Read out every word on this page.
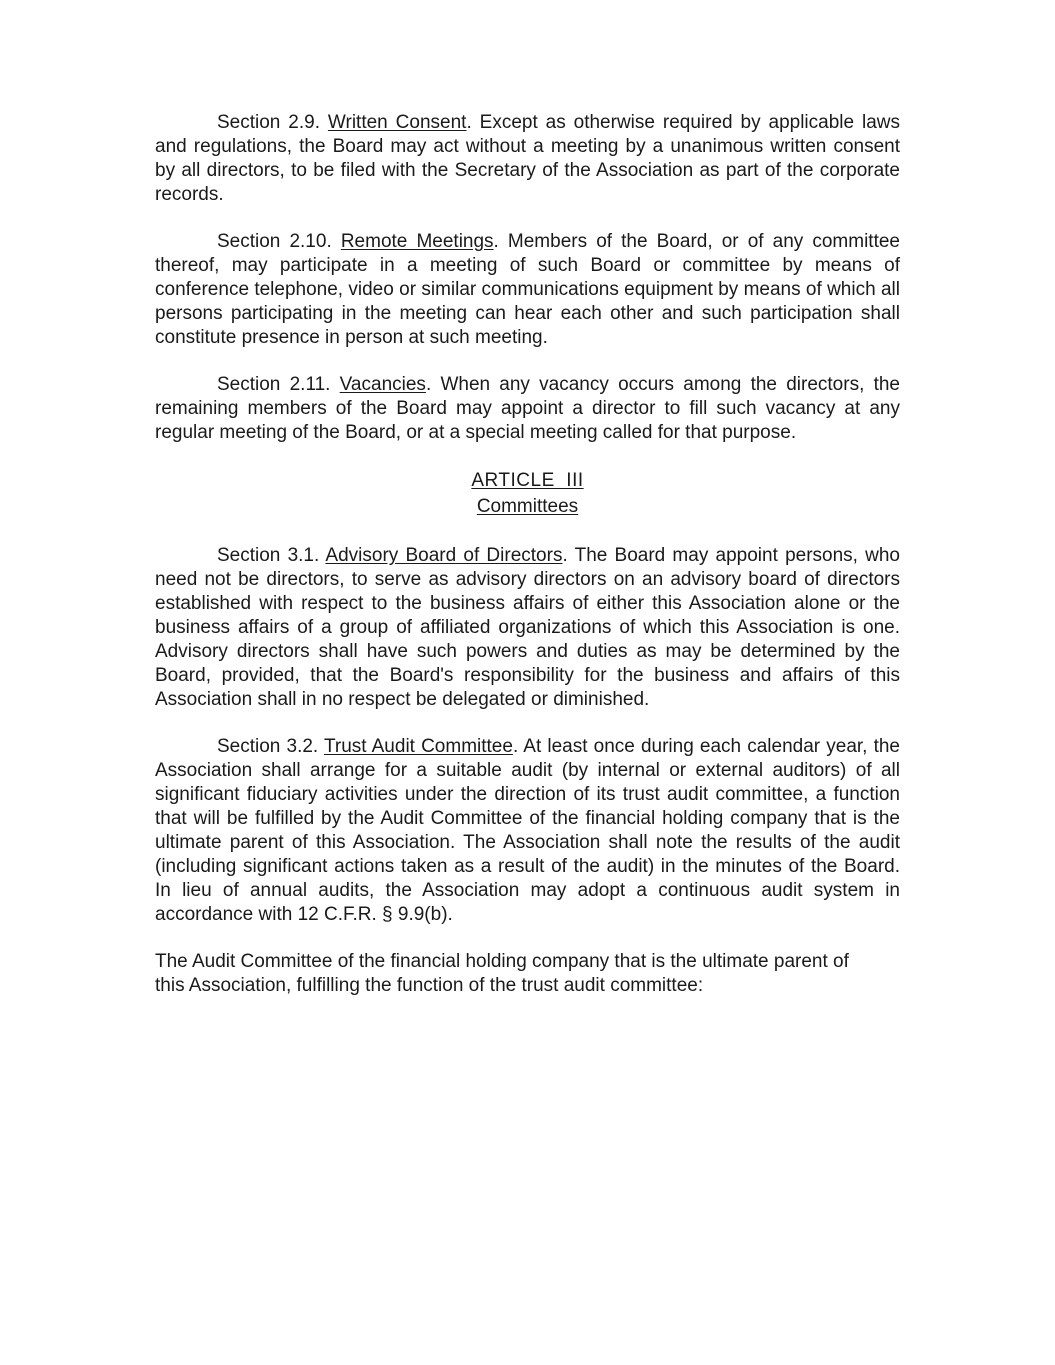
Section 2.9. Written Consent. Except as otherwise required by applicable laws and regulations, the Board may act without a meeting by a unanimous written consent by all directors, to be filed with the Secretary of the Association as part of the corporate records.

Section 2.10. Remote Meetings. Members of the Board, or of any committee thereof, may participate in a meeting of such Board or committee by means of conference telephone, video or similar communications equipment by means of which all persons participating in the meeting can hear each other and such participation shall constitute presence in person at such meeting.

Section 2.11. Vacancies. When any vacancy occurs among the directors, the remaining members of the Board may appoint a director to fill such vacancy at any regular meeting of the Board, or at a special meeting called for that purpose.

ARTICLE  III
Committees

Section 3.1. Advisory Board of Directors. The Board may appoint persons, who need not be directors, to serve as advisory directors on an advisory board of directors established with respect to the business affairs of either this Association alone or the business affairs of a group of affiliated organizations of which this Association is one. Advisory directors shall have such powers and duties as may be determined by the Board, provided, that the Board's responsibility for the business and affairs of this Association shall in no respect be delegated or diminished.

Section 3.2. Trust Audit Committee. At least once during each calendar year, the Association shall arrange for a suitable audit (by internal or external auditors) of all significant fiduciary activities under the direction of its trust audit committee, a function that will be fulfilled by the Audit Committee of the financial holding company that is the ultimate parent of this Association. The Association shall note the results of the audit (including significant actions taken as a result of the audit) in the minutes of the Board. In lieu of annual audits, the Association may adopt a continuous audit system in accordance with 12 C.F.R. § 9.9(b).

The Audit Committee of the financial holding company that is the ultimate parent of
this Association, fulfilling the function of the trust audit committee:
